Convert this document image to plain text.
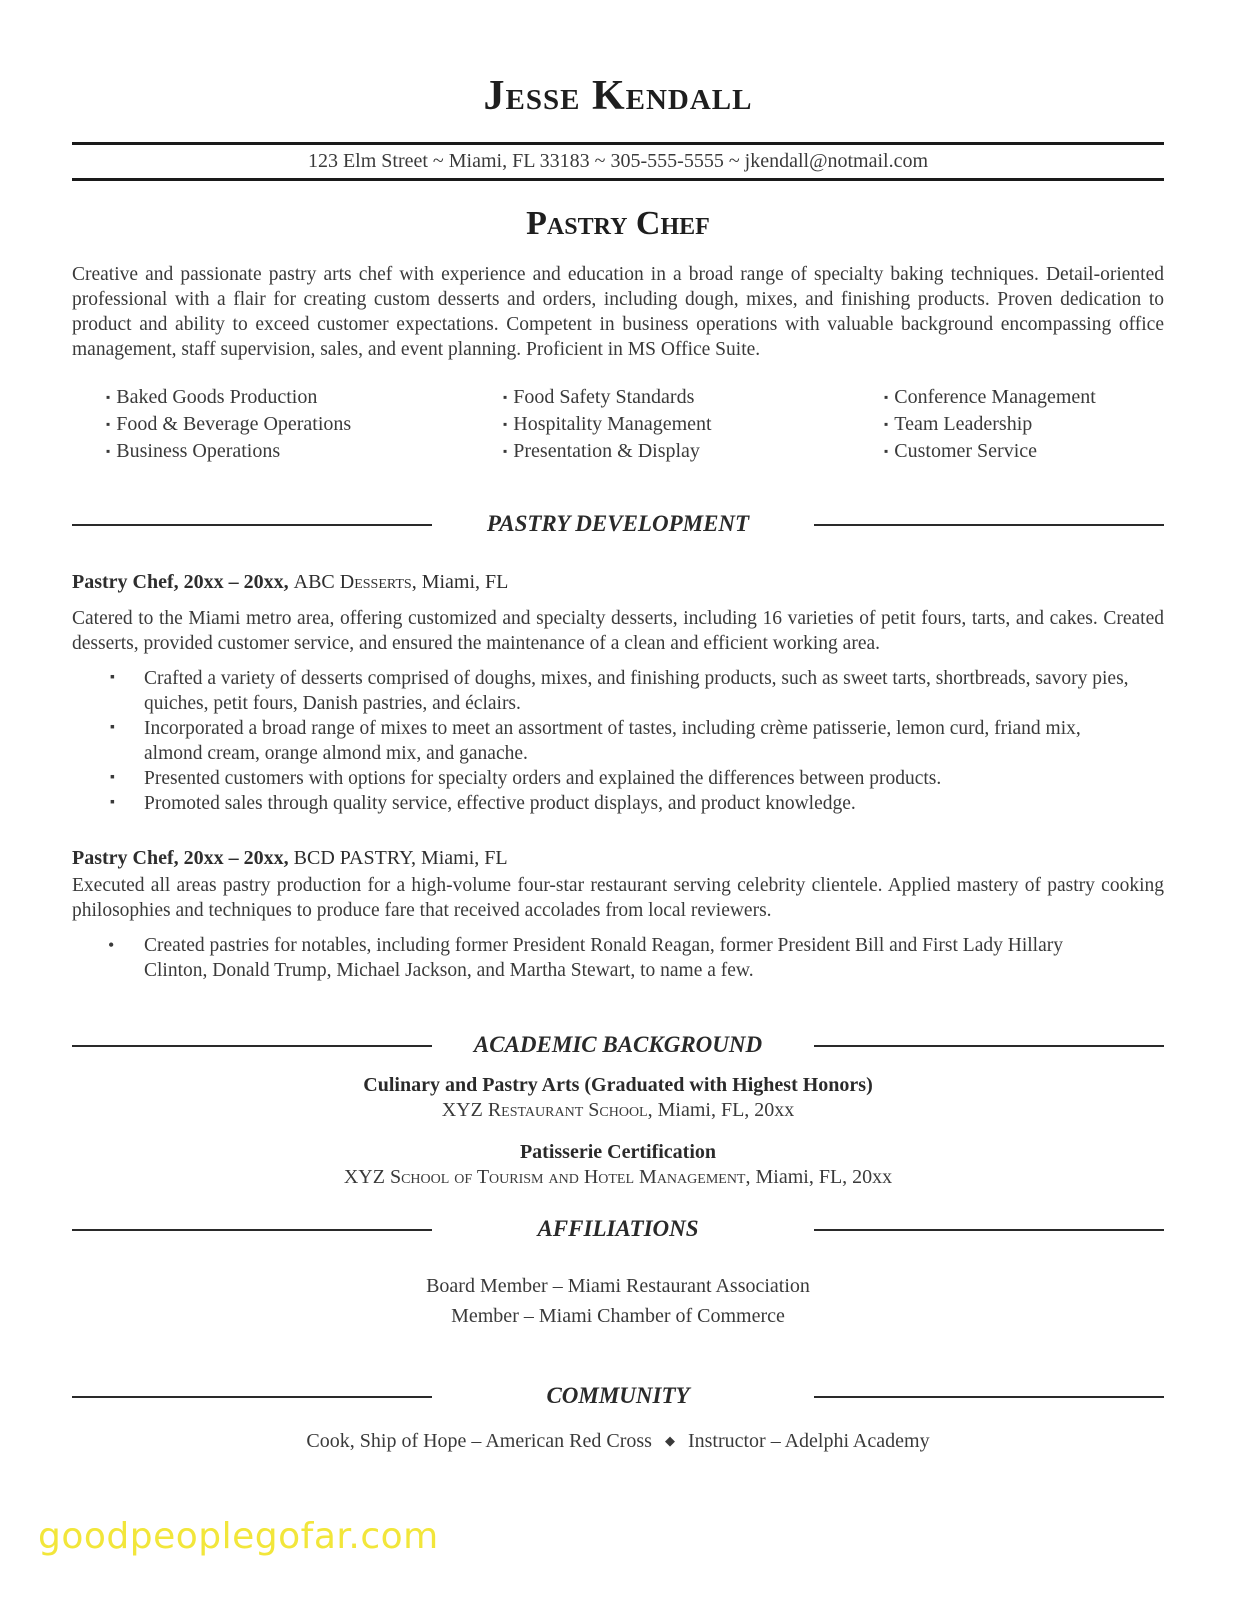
Jesse Kendall
123 Elm Street ~ Miami, FL 33183 ~ 305-555-5555 ~ jkendall@notmail.com
Pastry Chef
Creative and passionate pastry arts chef with experience and education in a broad range of specialty baking techniques. Detail-oriented professional with a flair for creating custom desserts and orders, including dough, mixes, and finishing products. Proven dedication to product and ability to exceed customer expectations. Competent in business operations with valuable background encompassing office management, staff supervision, sales, and event planning. Proficient in MS Office Suite.
▪ Baked Goods Production
▪ Food & Beverage Operations
▪ Business Operations
▪ Food Safety Standards
▪ Hospitality Management
▪ Presentation & Display
▪ Conference Management
▪ Team Leadership
▪ Customer Service
PASTRY DEVELOPMENT
Pastry Chef, 20xx – 20xx, ABC Desserts, Miami, FL
Catered to the Miami metro area, offering customized and specialty desserts, including 16 varieties of petit fours, tarts, and cakes. Created desserts, provided customer service, and ensured the maintenance of a clean and efficient working area.
▪ Crafted a variety of desserts comprised of doughs, mixes, and finishing products, such as sweet tarts, shortbreads, savory pies, quiches, petit fours, Danish pastries, and éclairs.
▪ Incorporated a broad range of mixes to meet an assortment of tastes, including crème patisserie, lemon curd, friand mix, almond cream, orange almond mix, and ganache.
▪ Presented customers with options for specialty orders and explained the differences between products.
▪ Promoted sales through quality service, effective product displays, and product knowledge.
Pastry Chef, 20xx – 20xx, BCD PASTRY, Miami, FL
Executed all areas pastry production for a high-volume four-star restaurant serving celebrity clientele. Applied mastery of pastry cooking philosophies and techniques to produce fare that received accolades from local reviewers.
• Created pastries for notables, including former President Ronald Reagan, former President Bill and First Lady Hillary Clinton, Donald Trump, Michael Jackson, and Martha Stewart, to name a few.
ACADEMIC BACKGROUND
Culinary and Pastry Arts (Graduated with Highest Honors)
XYZ Restaurant School, Miami, FL, 20xx
Patisserie Certification
XYZ School of Tourism and Hotel Management, Miami, FL, 20xx
AFFILIATIONS
Board Member – Miami Restaurant Association
Member – Miami Chamber of Commerce
COMMUNITY
Cook, Ship of Hope – American Red Cross ◆ Instructor – Adelphi Academy
goodpeoplegofar.com
